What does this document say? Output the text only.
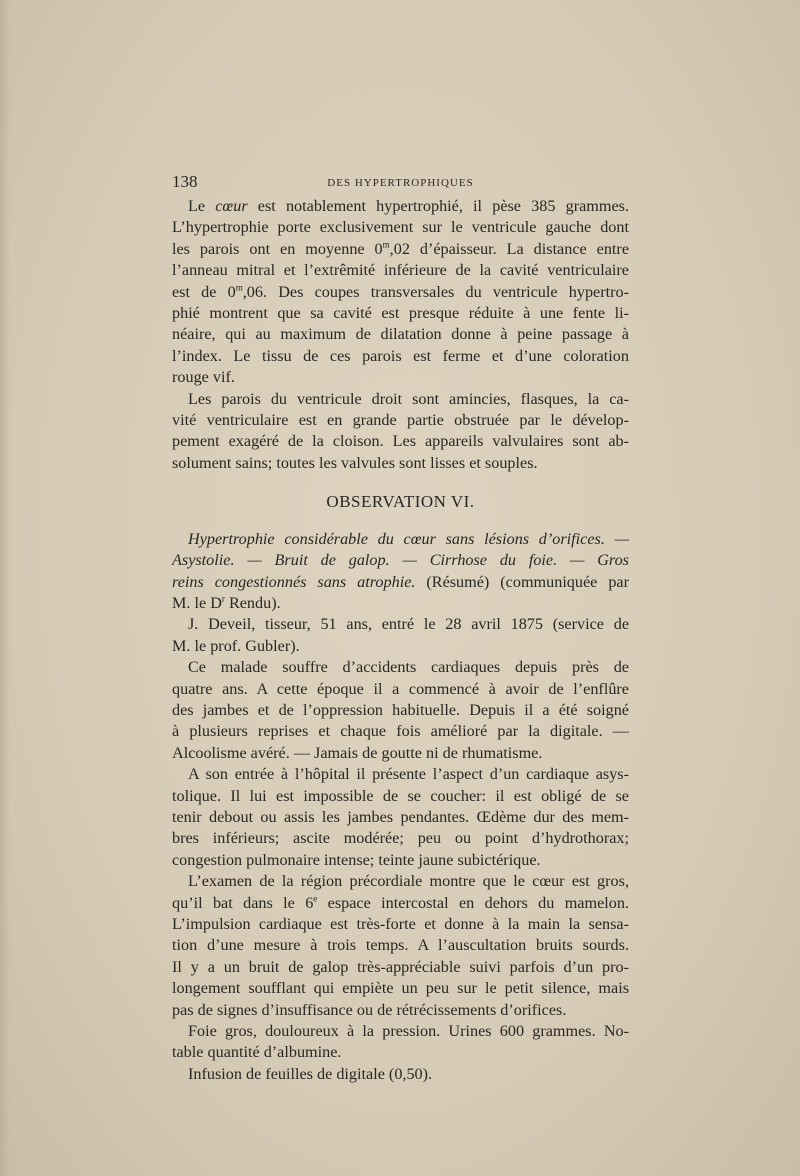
138	DES HYPERTROPHIQUES
Le cœur est notablement hypertrophié, il pèse 385 grammes.
L’hypertrophie porte exclusivement sur le ventricule gauche dont
les parois ont en moyenne 0$^m$,02 d’épaisseur. La distance entre
l’anneau mitral et l’extrêmité inférieure de la cavité ventriculaire
est de 0$^m$,06. Des coupes transversales du ventricule hypertro-
phié montrent que sa cavité est presque réduite à une fente li-
néaire, qui au maximum de dilatation donne à peine passage à
l’index. Le tissu de ces parois est ferme et d’une coloration
rouge vif.
Les parois du ventricule droit sont amincies, flasques, la ca-
vité ventriculaire est en grande partie obstruée par le dévelop-
pement exagéré de la cloison. Les appareils valvulaires sont ab-
solument sains; toutes les valvules sont lisses et souples.
OBSERVATION VI.
Hypertrophie considérable du cœur sans lésions d’orifices. —
Asystolie. — Bruit de galop. — Cirrhose du foie. — Gros
reins congestionnés sans atrophie. (Résumé) (communiquée par
M. le $D^r$ Rendu).
J. Deveil, tisseur, 51 ans, entré le 28 avril 1875 (service de
M. le prof. Gubler).
Ce malade souffre d’accidents cardiaques depuis près de
quatre ans. A cette époque il a commencé à avoir de l’enflûre
des jambes et de l’oppression habituelle. Depuis il a été soigné
à plusieurs reprises et chaque fois amélioré par la digitale. —
Alcoolisme avéré. — Jamais de goutte ni de rhumatisme.
A son entrée à l’hôpital il présente l’aspect d’un cardiaque asys-
tolique. Il lui est impossible de se coucher: il est obligé de se
tenir debout ou assis les jambes pendantes. Œdème dur des mem-
bres inférieurs; ascite modérée; peu ou point d’hydrothorax;
congestion pulmonaire intense; teinte jaune subictérique.
L’examen de la région précordiale montre que le cœur est gros,
qu’il bat dans le 6e espace intercostal en dehors du mamelon.
L’impulsion cardiaque est très-forte et donne à la main la sensa-
tion d’une mesure à trois temps. A l’auscultation bruits sourds.
Il y a un bruit de galop très-appréciable suivi parfois d’un pro-
longement soufflant qui empiète un peu sur le petit silence, mais
pas de signes d’insuffisance ou de rétrécissements d’orifices.
Foie gros, douloureux à la pression. Urines 600 grammes. No-
table quantité d’albumine.
Infusion de feuilles de digitale (0,50).
